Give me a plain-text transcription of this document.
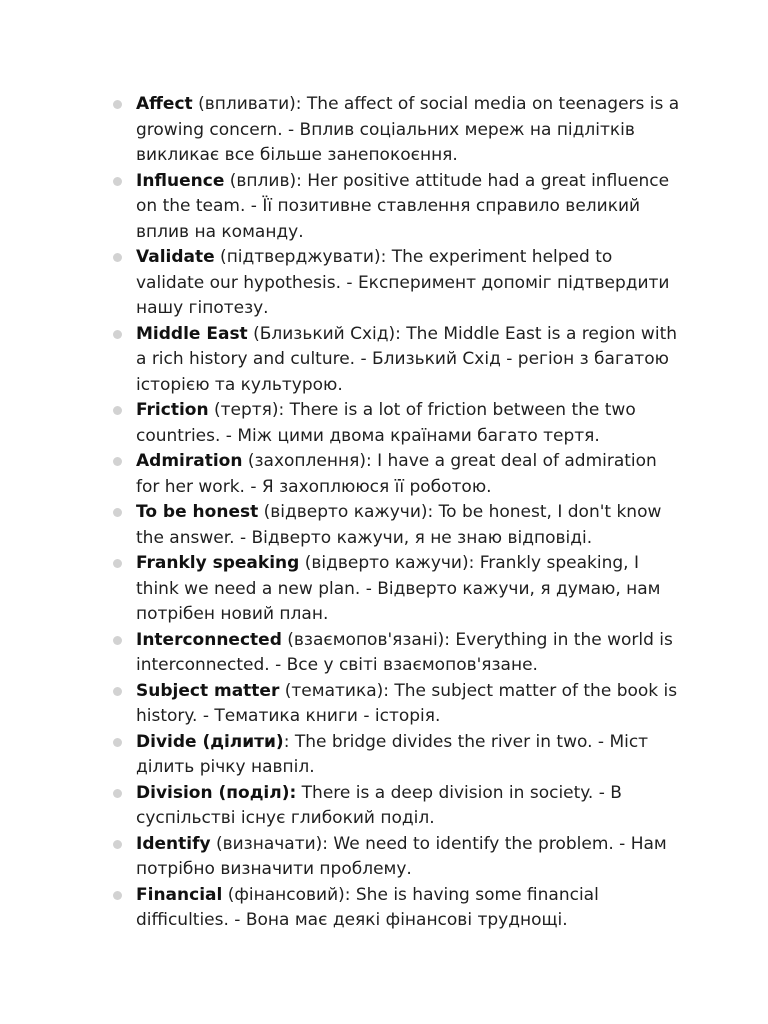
Affect (впливати): The affect of social media on teenagers is a growing concern. - Вплив соціальних мереж на підлітків викликає все більше занепокоєння.
Influence (вплив): Her positive attitude had a great influence on the team. - Її позитивне ставлення справило великий вплив на команду.
Validate (підтверджувати): The experiment helped to validate our hypothesis. - Експеримент допоміг підтвердити нашу гіпотезу.
Middle East (Близький Схід): The Middle East is a region with a rich history and culture. - Близький Схід - регіон з багатою історією та культурою.
Friction (тертя): There is a lot of friction between the two countries. - Між цими двома країнами багато тертя.
Admiration (захоплення): I have a great deal of admiration for her work. - Я захоплююся її роботою.
To be honest (відверто кажучи): To be honest, I don't know the answer. - Відверто кажучи, я не знаю відповіді.
Frankly speaking (відверто кажучи): Frankly speaking, I think we need a new plan. - Відверто кажучи, я думаю, нам потрібен новий план.
Interconnected (взаємопов'язані): Everything in the world is interconnected. - Все у світі взаємопов'язане.
Subject matter (тематика): The subject matter of the book is history. - Тематика книги - історія.
Divide (ділити): The bridge divides the river in two. - Міст ділить річку навпіл.
Division (поділ): There is a deep division in society. - В суспільстві існує глибокий поділ.
Identify (визначати): We need to identify the problem. - Нам потрібно визначити проблему.
Financial (фінансовий): She is having some financial difficulties. - Вона має деякі фінансові труднощі.
